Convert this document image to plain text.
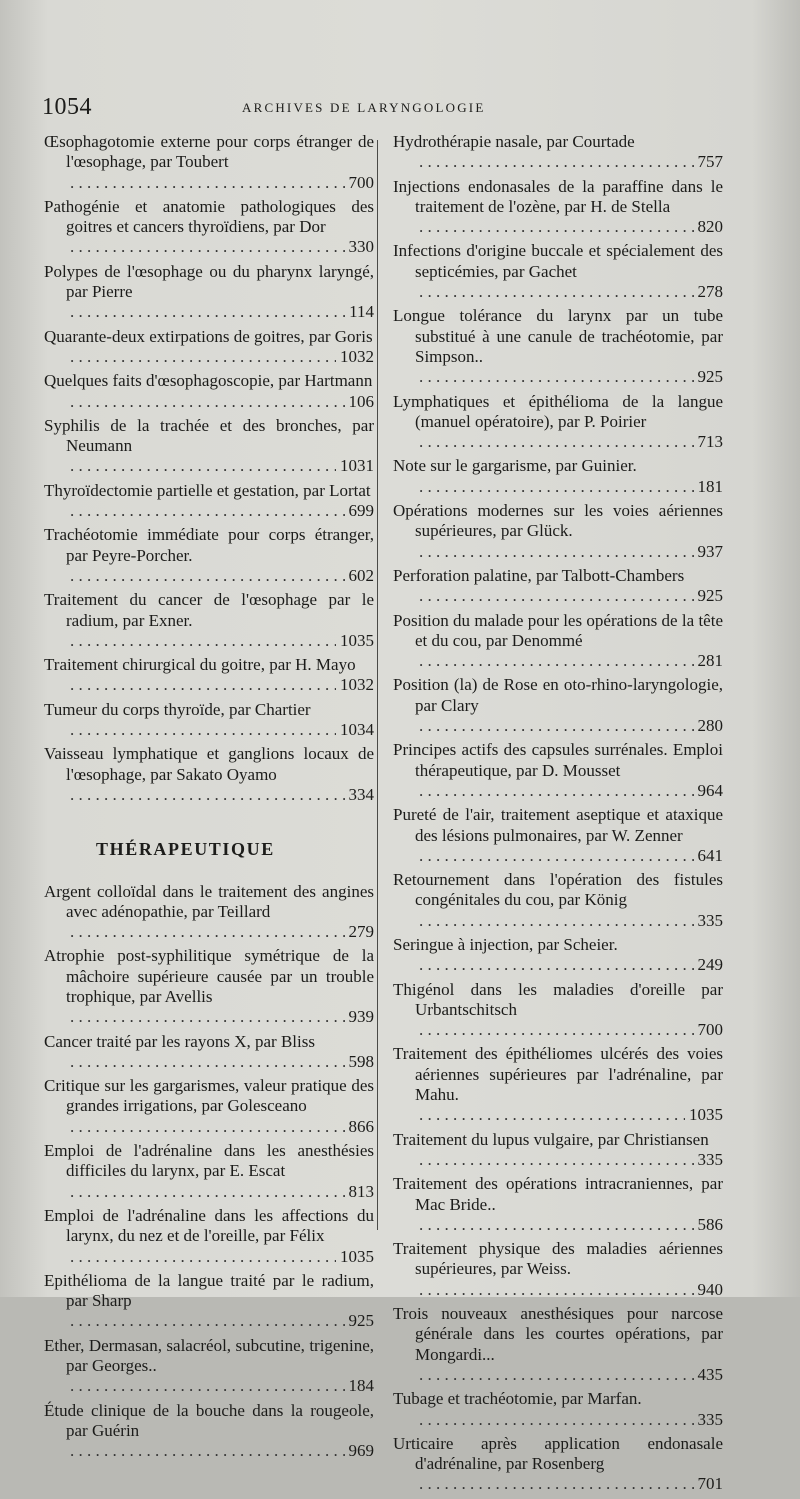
1054	ARCHIVES DE LARYNGOLOGIE
Œsophagotomie externe pour corps étranger de l'œsophage, par Toubert
. . .
700
Pathogénie et anatomie pathologiques des goitres et cancers thyroïdiens, par Dor
. . .
330
Polypes de l'œsophage ou du pharynx laryngé, par Pierre
. . .
114
Quarante-deux extirpations de goitres, par Goris
. . .
1032
Quelques faits d'œsophagoscopie, par Hartmann
. . .
106
Syphilis de la trachée et des bronches, par Neumann
. . .
1031
Thyroïdectomie partielle et gestation, par Lortat
. . .
699
Trachéotomie immédiate pour corps étranger, par Peyre-Porcher.
. . .
602
Traitement du cancer de l'œsophage par le radium, par Exner.
. . .
1035
Traitement chirurgical du goitre, par H. Mayo
. . .
1032
Tumeur du corps thyroïde, par Chartier
. . .
1034
Vaisseau lymphatique et ganglions locaux de l'œsophage, par Sakato Oyamo
. . .
334
THÉRAPEUTIQUE
Argent colloïdal dans le traitement des angines avec adénopathie, par Teillard
. . .
279
Atrophie post-syphilitique symétrique de la mâchoire supérieure causée par un trouble trophique, par Avellis
. . .
939
Cancer traité par les rayons X, par Bliss
. . .
598
Critique sur les gargarismes, valeur pratique des grandes irrigations, par Golesceano
. . .
866
Emploi de l'adrénaline dans les anesthésies difficiles du larynx, par E. Escat
. . .
813
Emploi de l'adrénaline dans les affections du larynx, du nez et de l'oreille, par Félix
. . .
1035
Epithélioma de la langue traité par le radium, par Sharp
. . .
925
Ether, Dermasan, salacréol, subcutine, trigenine, par Georges..
. . .
184
Étude clinique de la bouche dans la rougeole, par Guérin
. . .
969
Hydrothérapie nasale, par Courtade
. . .
757
Injections endonasales de la paraffine dans le traitement de l'ozène, par H. de Stella
. . .
820
Infections d'origine buccale et spécialement des septicémies, par Gachet
. . .
278
Longue tolérance du larynx par un tube substitué à une canule de trachéotomie, par Simpson..
. . .
925
Lymphatiques et épithélioma de la langue (manuel opératoire), par P. Poirier
. . .
713
Note sur le gargarisme, par Guinier.
. . .
181
Opérations modernes sur les voies aériennes supérieures, par Glück.
. . .
937
Perforation palatine, par Talbott-Chambers
. . .
925
Position du malade pour les opérations de la tête et du cou, par Denommé
. . .
281
Position (la) de Rose en oto-rhino-laryngologie, par Clary
. . .
280
Principes actifs des capsules surrénales. Emploi thérapeutique, par D. Mousset
. . .
964
Pureté de l'air, traitement aseptique et ataxique des lésions pulmonaires, par W. Zenner
. . .
641
Retournement dans l'opération des fistules congénitales du cou, par König
. . .
335
Seringue à injection, par Scheier.
. . .
249
Thigénol dans les maladies d'oreille par Urbantschitsch
. . .
700
Traitement des épithéliomes ulcérés des voies aériennes supérieures par l'adrénaline, par Mahu.
. . .
1035
Traitement du lupus vulgaire, par Christiansen
. . .
335
Traitement des opérations intracraniennes, par Mac Bride..
. . .
586
Traitement physique des maladies aériennes supérieures, par Weiss.
. . .
940
Trois nouveaux anesthésiques pour narcose générale dans les courtes opérations, par Mongardi...
. . .
435
Tubage et trachéotomie, par Marfan.
. . .
335
Urticaire après application endonasale d'adrénaline, par Rosenberg
. . .
701
